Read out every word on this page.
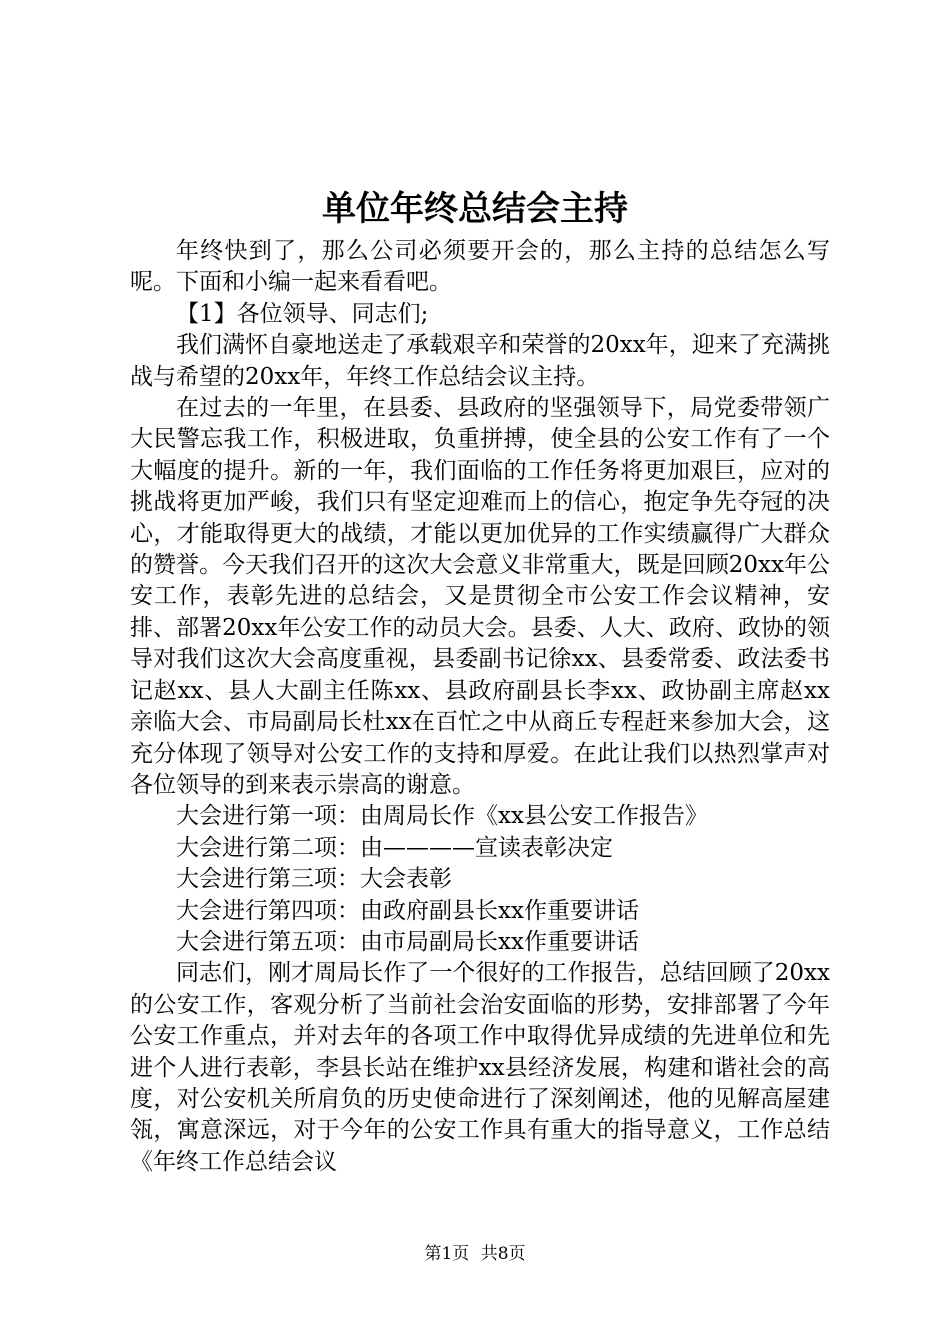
单位年终总结会主持

年终快到了，那么公司必须要开会的，那么主持的总结怎么写呢。下面和小编一起来看看吧。

【1】各位领导、同志们;

我们满怀自豪地送走了承载艰辛和荣誉的20xx年，迎来了充满挑战与希望的20xx年，年终工作总结会议主持。

在过去的一年里，在县委、县政府的坚强领导下，局党委带领广大民警忘我工作，积极进取，负重拼搏，使全县的公安工作有了一个大幅度的提升。新的一年，我们面临的工作任务将更加艰巨，应对的挑战将更加严峻，我们只有坚定迎难而上的信心，抱定争先夺冠的决心，才能取得更大的战绩，才能以更加优异的工作实绩赢得广大群众的赞誉。今天我们召开的这次大会意义非常重大，既是回顾20xx年公安工作，表彰先进的总结会，又是贯彻全市公安工作会议精神，安排、部署20xx年公安工作的动员大会。县委、人大、政府、政协的领导对我们这次大会高度重视，县委副书记徐xx、县委常委、政法委书记赵xx、县人大副主任陈xx、县政府副县长李xx、政协副主席赵xx亲临大会、市局副局长杜xx在百忙之中从商丘专程赶来参加大会，这充分体现了领导对公安工作的支持和厚爱。在此让我们以热烈掌声对各位领导的到来表示崇高的谢意。

大会进行第一项：由周局长作《xx县公安工作报告》

大会进行第二项：由————宣读表彰决定

大会进行第三项：大会表彰

大会进行第四项：由政府副县长xx作重要讲话

大会进行第五项：由市局副局长xx作重要讲话

同志们，刚才周局长作了一个很好的工作报告，总结回顾了20xx的公安工作，客观分析了当前社会治安面临的形势，安排部署了今年公安工作重点，并对去年的各项工作中取得优异成绩的先进单位和先进个人进行表彰，李县长站在维护xx县经济发展，构建和谐社会的高度，对公安机关所肩负的历史使命进行了深刻阐述，他的见解高屋建瓴，寓意深远，对于今年的公安工作具有重大的指导意义，工作总结《年终工作总结会议

第1页 共8页
